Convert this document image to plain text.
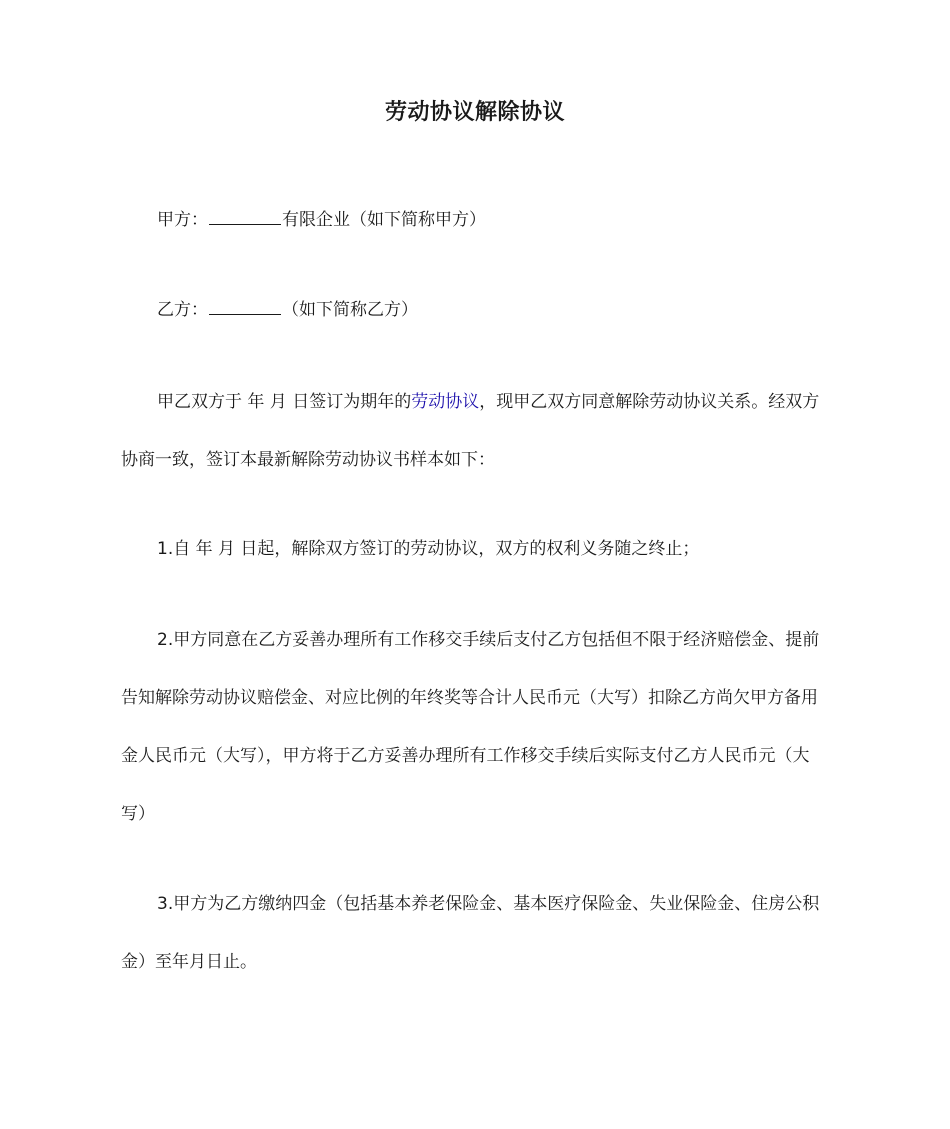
劳动协议解除协议
甲方：	有限企业（如下简称甲方）
乙方：	（如下简称乙方）
甲乙双方于 年 月 日签订为期年的劳动协议，现甲乙双方同意解除劳动协议关系。经双方协商一致，签订本最新解除劳动协议书样本如下：
1.自 年 月 日起，解除双方签订的劳动协议，双方的权利义务随之终止；
2.甲方同意在乙方妥善办理所有工作移交手续后支付乙方包括但不限于经济赔偿金、提前告知解除劳动协议赔偿金、对应比例的年终奖等合计人民币元（大写）扣除乙方尚欠甲方备用金人民币元（大写），甲方将于乙方妥善办理所有工作移交手续后实际支付乙方人民币元（大写）
3.甲方为乙方缴纳四金（包括基本养老保险金、基本医疗保险金、失业保险金、住房公积金）至年月日止。
